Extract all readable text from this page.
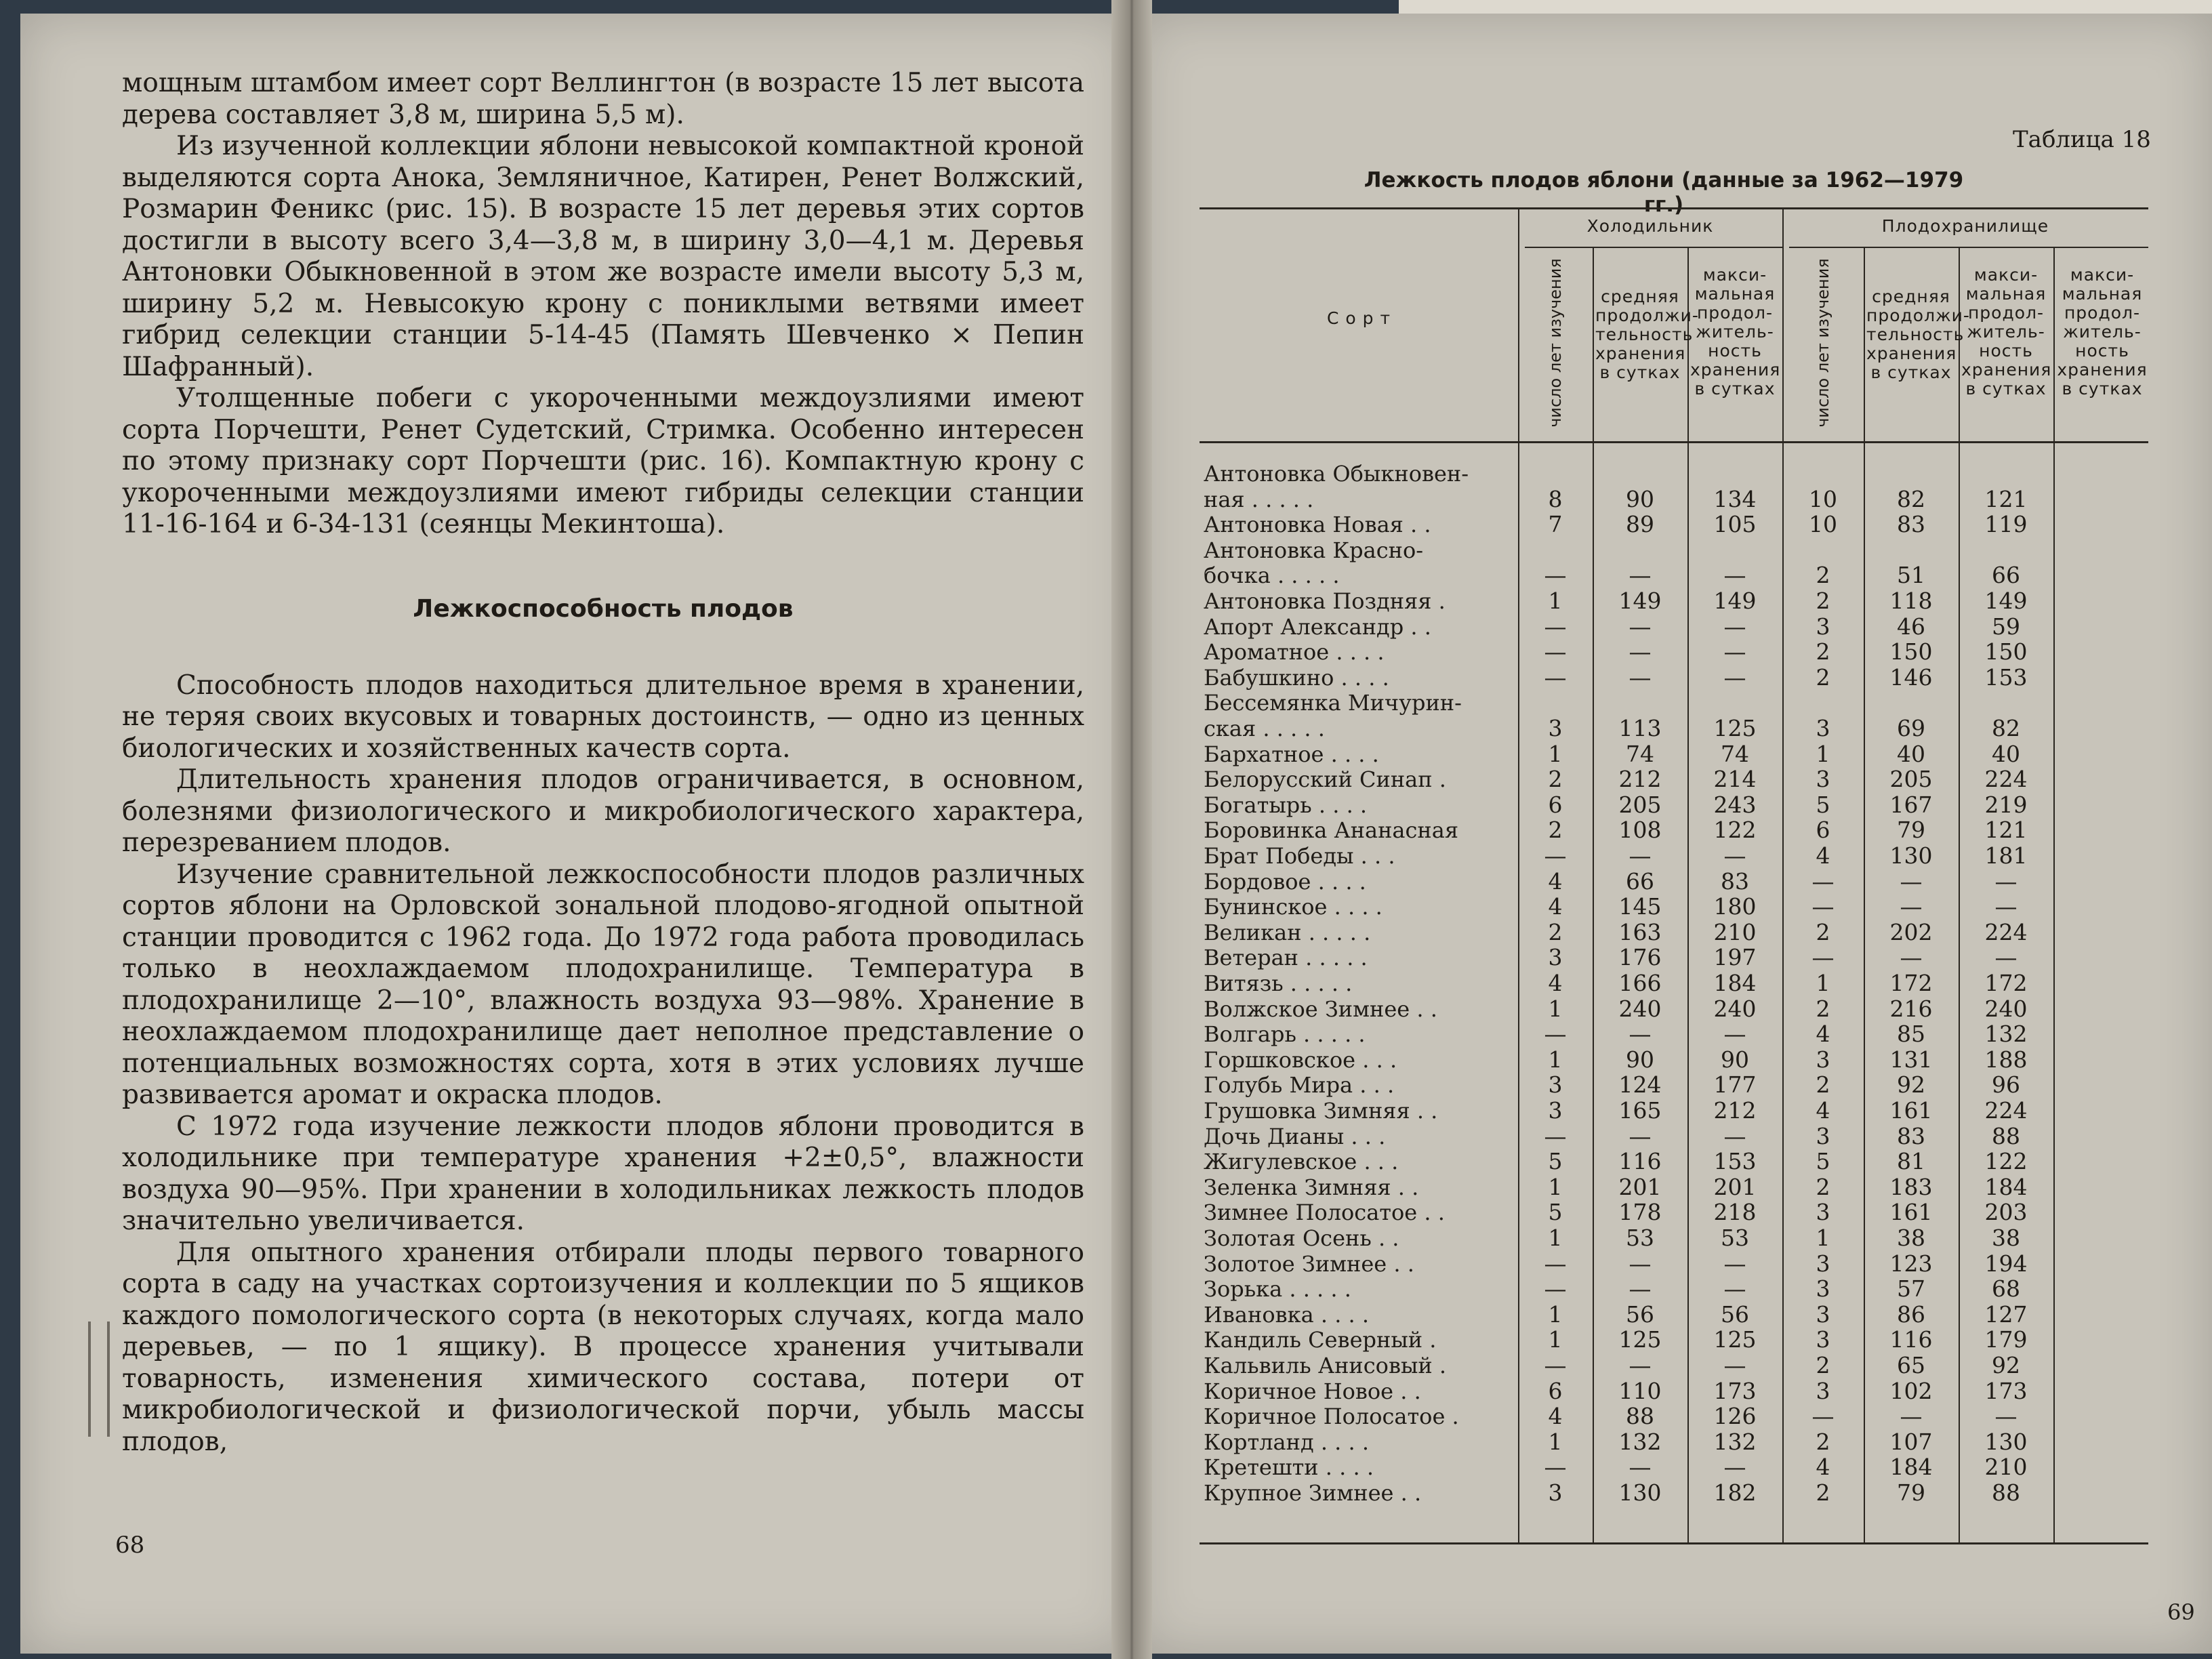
мощным штамбом имеет сорт Веллингтон (в возрасте 15 лет высота дерева составляет 3,8 м, ширина 5,5 м).

Из изученной коллекции яблони невысокой компактной кроной выделяются сорта Анока, Земляничное, Катирен, Ренет Волжский, Розмарин Феникс (рис. 15). В возрасте 15 лет деревья этих сортов достигли в высоту всего 3,4—3,8 м, в ширину 3,0—4,1 м. Деревья Антоновки Обыкновенной в этом же возрасте имели высоту 5,3 м, ширину 5,2 м. Невысокую крону с пониклыми ветвями имеет гибрид селекции станции 5-14-45 (Память Шевченко × Пепин Шафранный).

Утолщенные побеги с укороченными междоузлиями имеют сорта Порчешти, Ренет Судетский, Стримка. Особенно интересен по этому признаку сорт Порчешти (рис. 16). Компактную крону с укороченными междоузлиями имеют гибриды селекции станции 11-16-164 и 6-34-131 (сеянцы Мекинтоша).

Лежкоспособность плодов

Способность плодов находиться длительное время в хранении, не теряя своих вкусовых и товарных достоинств, — одно из ценных биологических и хозяйственных качеств сорта.

Длительность хранения плодов ограничивается, в основном, болезнями физиологического и микробиологического характера, перезреванием плодов.

Изучение сравнительной лежкоспособности плодов различных сортов яблони на Орловской зональной плодово-ягодной опытной станции проводится с 1962 года. До 1972 года работа проводилась только в неохлаждаемом плодохранилище. Температура в плодохранилище 2—10°, влажность воздуха 93—98%. Хранение в неохлаждаемом плодохранилище дает неполное представление о потенциальных возможностях сорта, хотя в этих условиях лучше развивается аромат и окраска плодов.

С 1972 года изучение лежкости плодов яблони проводится в холодильнике при температуре хранения +2±0,5°, влажности воздуха 90—95%. При хранении в холодильниках лежкость плодов значительно увеличивается.

Для опытного хранения отбирали плоды первого товарного сорта в саду на участках сортоизучения и коллекции по 5 ящиков каждого помологического сорта (в некоторых случаях, когда мало деревьев, — по 1 ящику). В процессе хранения учитывали товарность, изменения химического состава, потери от микробиологической и физиологической порчи, убыль массы плодов,

68
Таблица 18
Лежкость плодов яблони (данные за 1962—1979 гг.)
С о р т
Холодильник	Плодохранилище
число лет изучения	число лет изучения
средняя продолжи- тельность хранения в сутках
средняя продолжи- тельность хранения в сутках
макси- мальная продол- житель- ность хранения в сутках
макси- мальная продол- житель- ность хранения в сутках
макси- мальная продол- житель- ность хранения в сутках
Антоновка Обыкновен-
ная . . . . .	8	90	134	10	82	121
Антоновка Новая . .	7	89	105	10	83	119
Антоновка Красно-
бочка . . . . .	—	—	—	2	51	66
Антоновка Поздняя .	1	149	149	2	118	149
Апорт Александр . .	—	—	—	3	46	59
Ароматное . . . .	—	—	—	2	150	150
Бабушкино . . . .	—	—	—	2	146	153
Бессемянка Мичурин-
ская . . . . .	3	113	125	3	69	82
Бархатное . . . .	1	74	74	1	40	40
Белорусский Синап .	2	212	214	3	205	224
Богатырь . . . .	6	205	243	5	167	219
Боровинка Ананасная	2	108	122	6	79	121
Брат Победы . . .	—	—	—	4	130	181
Бордовое . . . .	4	66	83	—	—	—
Бунинское . . . .	4	145	180	—	—	—
Великан . . . . .	2	163	210	2	202	224
Ветеран . . . . .	3	176	197	—	—	—
Витязь . . . . .	4	166	184	1	172	172
Волжское Зимнее . .	1	240	240	2	216	240
Волгарь . . . . .	—	—	—	4	85	132
Горшковское . . .	1	90	90	3	131	188
Голубь Мира . . .	3	124	177	2	92	96
Грушовка Зимняя . .	3	165	212	4	161	224
Дочь Дианы . . .	—	—	—	3	83	88
Жигулевское . . .	5	116	153	5	81	122
Зеленка Зимняя . .	1	201	201	2	183	184
Зимнее Полосатое . .	5	178	218	3	161	203
Золотая Осень . .	1	53	53	1	38	38
Золотое Зимнее . .	—	—	—	3	123	194
Зорька . . . . .	—	—	—	3	57	68
Ивановка . . . .	1	56	56	3	86	127
Кандиль Северный .	1	125	125	3	116	179
Кальвиль Анисовый .	—	—	—	2	65	92
Коричное Новое . .	6	110	173	3	102	173
Коричное Полосатое .	4	88	126	—	—	—
Кортланд . . . .	1	132	132	2	107	130
Кретешти . . . .	—	—	—	4	184	210
Крупное Зимнее . .	3	130	182	2	79	88
69
